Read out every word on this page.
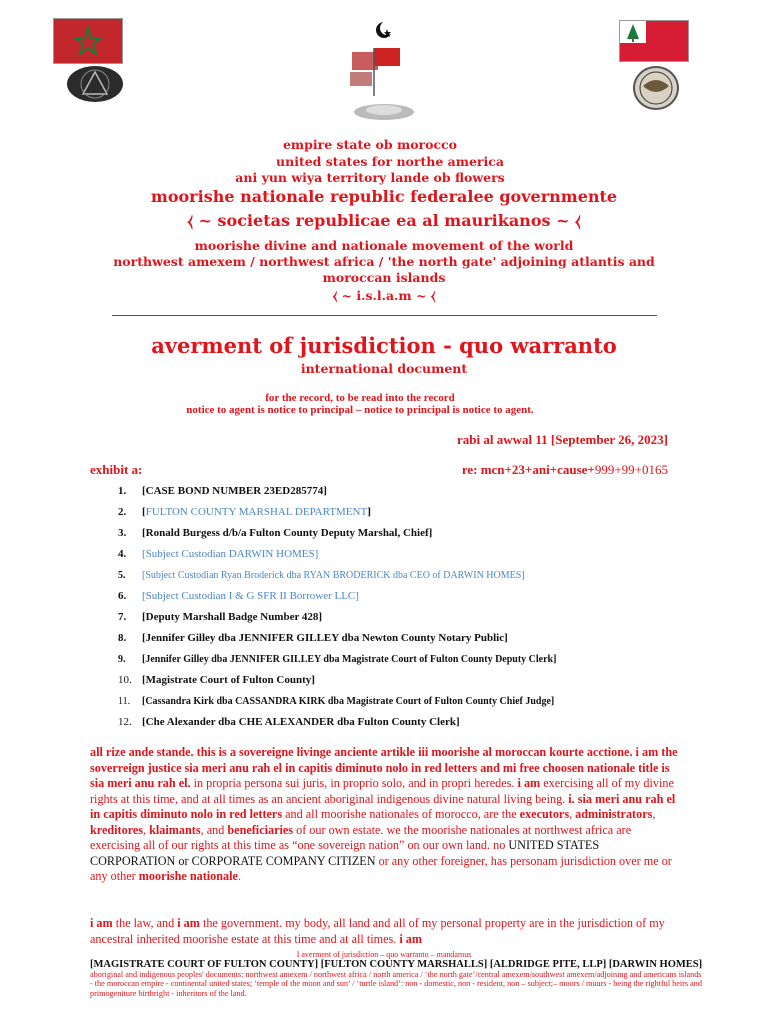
empire state ob morocco
united states for northe america
ani yun wiya territory lande ob flowers
moorishe nationale republic federalee governmente
⧼ ~ societas republicae ea al maurikanos ~ ⧼
moorishe divine and nationale movement of the world
northwest amexem / northwest africa / 'the north gate' adjoining atlantis and
moroccan islands
⧼ ~ i.s.l.a.m ~ ⧼
averment of jurisdiction - quo warranto
international document
for the record, to be read into the record
notice to agent is notice to principal – notice to principal is notice to agent.
rabi al awwal 11 [September 26, 2023]
exhibit a:	re: mcn+23+ani+cause+999+99+0165
1. [CASE BOND NUMBER 23ED285774]
2. [FULTON COUNTY MARSHAL DEPARTMENT]
3. [Ronald Burgess d/b/a Fulton County Deputy Marshal, Chief]
4. [Subject Custodian DARWIN HOMES]
5. [Subject Custodian Ryan Broderick dba RYAN BRODERICK dba CEO of DARWIN HOMES]
6. [Subject Custodian I & G SFR II Borrower LLC]
7. [Deputy Marshall Badge Number 428]
8. [Jennifer Gilley dba JENNIFER GILLEY dba Newton County Notary Public]
9. [Jennifer Gilley dba JENNIFER GILLEY dba Magistrate Court of Fulton County Deputy Clerk]
10. [Magistrate Court of Fulton County]
11. [Cassandra Kirk dba CASSANDRA KIRK dba Magistrate Court of Fulton County Chief Judge]
12. [Che Alexander dba CHE ALEXANDER dba Fulton County Clerk]
all rize ande stande. this is a sovereigne livinge anciente artikle iii moorishe al moroccan kourte acctione. i am the soverreign justice sia meri anu rah el in capitis diminuto nolo in red letters and mi free choosen nationale title is sia meri anu rah el. in propria persona sui juris, in proprio solo, and in propri heredes. i am exercising all of my divine rights at this time, and at all times as an ancient aboriginal indigenous divine natural living being. i. sia meri anu rah el in capitis diminuto nolo in red letters and all moorishe nationales of morocco, are the executors, administrators, kreditores, klaimants, and beneficiaries of our own estate. we the moorishe nationales at northwest africa are exercising all of our rights at this time as “one sovereign nation” on our own land. no UNITED STATES CORPORATION or CORPORATE COMPANY CITIZEN or any other foreigner, has personam jurisdiction over me or any other moorishe nationale.
i am the law, and i am the government. my body, all land and all of my personal property are in the jurisdiction of my ancestral inherited moorishe estate at this time and at all times. i am
I averment of jurisdiction – quo warranto – mandamus
[MAGISTRATE COURT OF FULTON COUNTY] [FULTON COUNTY MARSHALLS] [ALDRIDGE PITE, LLP] [DARWIN HOMES] aboriginal and indigenous peoples' documents: northwest amexem / northwest africa / north america / ‘the north gate’/central amexem/southwest amexem/adjoining and americans islands - the moroccan empire - continental united states; ‘temple of the moon and sun’ / ‘turtle island’: non - domestic, non - resident, non – subject;– moors / muurs - being the rightful heirs and primogeniture birthright - inheritors of the land.
